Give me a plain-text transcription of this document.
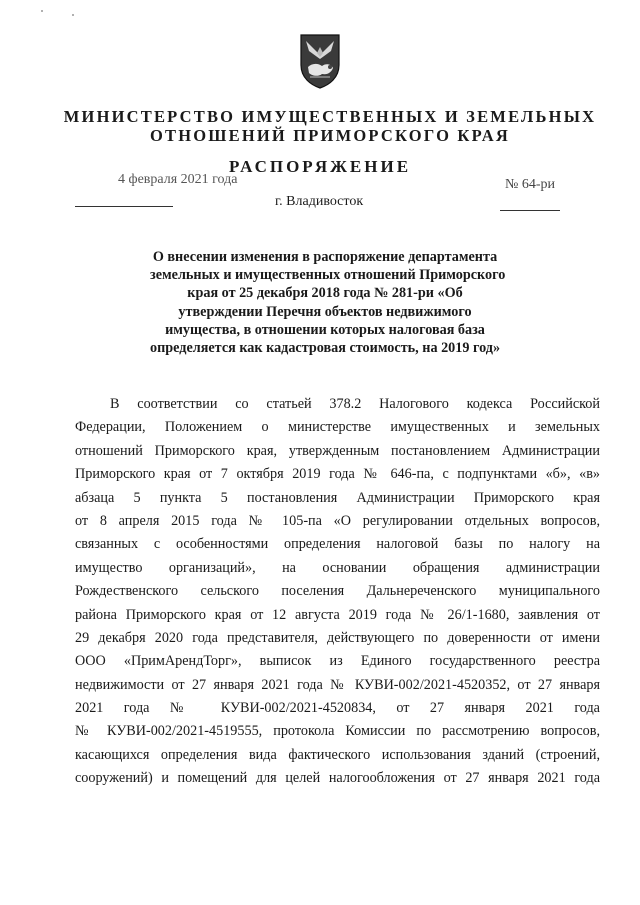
МИНИСТЕРСТВО ИМУЩЕСТВЕННЫХ И ЗЕМЕЛЬНЫХ
ОТНОШЕНИЙ ПРИМОРСКОГО КРАЯ
РАСПОРЯЖЕНИЕ
4 февраля 2021 года	№ 64-ри
г. Владивосток
О внесении изменения в распоряжение департамента
земельных и имущественных отношений Приморского
края от 25 декабря 2018 года № 281-ри «Об
утверждении Перечня объектов недвижимого
имущества, в отношении которых налоговая база
определяется как кадастровая стоимость, на 2019 год»
В соответствии со статьей 378.2 Налогового кодекса Российской
Федерации, Положением о министерстве имущественных и земельных
отношений Приморского края, утвержденным постановлением Администрации
Приморского края от 7 октября 2019 года № 646-па, с подпунктами «б», «в»
абзаца 5 пункта 5 постановления Администрации Приморского края
от 8 апреля 2015 года № 105-па «О регулировании отдельных вопросов,
связанных с особенностями определения налоговой базы по налогу на
имущество организаций», на основании обращения администрации
Рождественского сельского поселения Дальнереченского муниципального
района Приморского края от 12 августа 2019 года № 26/1-1680, заявления от
29 декабря 2020 года представителя, действующего по доверенности от имени
ООО «ПримАрендТорг», выписок из Единого государственного реестра
недвижимости от 27 января 2021 года № КУВИ-002/2021-4520352, от 27 января
2021 года № КУВИ-002/2021-4520834, от 27 января 2021 года
№ КУВИ-002/2021-4519555, протокола Комиссии по рассмотрению вопросов,
касающихся определения вида фактического использования зданий (строений,
сооружений) и помещений для целей налогообложения от 27 января 2021 года
